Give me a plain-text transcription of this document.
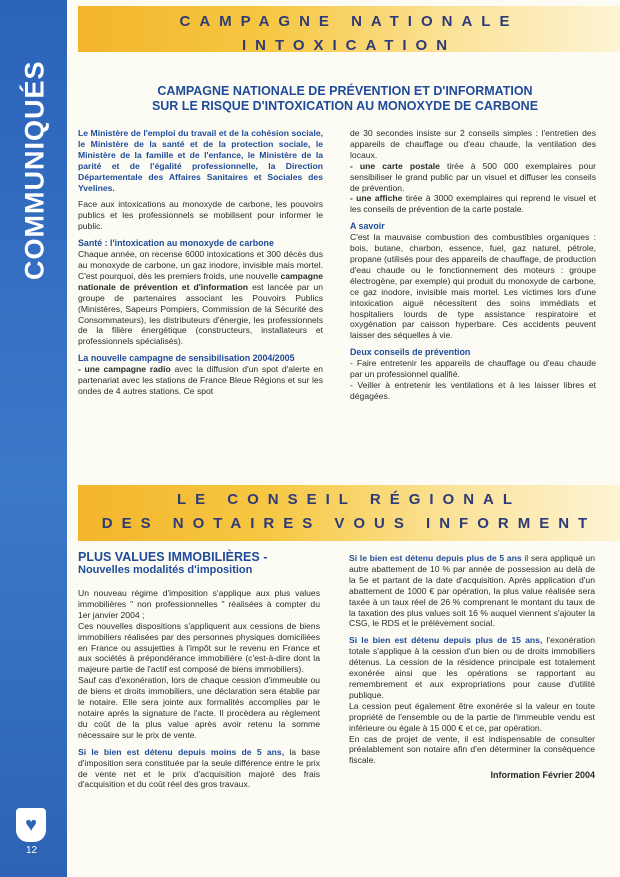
COMMUNIQUÉS
♥
12
CAMPAGNE NATIONALE
INTOXICATION
CAMPAGNE NATIONALE DE PRÉVENTION ET D'INFORMATION
SUR LE RISQUE D'INTOXICATION AU MONOXYDE DE CARBONE

Le Ministère de l'emploi du travail et de la cohésion sociale, le Ministère de la santé et de la protection sociale, le Ministère de la famille et de l'enfance, le Ministère de la parité et de l'égalité professionnelle, la Direction Départementale des Affaires Sanitaires et Sociales des Yvelines.

Face aux intoxications au monoxyde de carbone, les pouvoirs publics et les professionnels se mobilisent pour informer le public.

Santé : l'intoxication au monoxyde de carbone
Chaque année, on recense 6000 intoxications et 300 décès dus au monoxyde de carbone, un gaz inodore, invisible mais mortel. C'est pourquoi, dès les premiers froids, une nouvelle campagne nationale de prévention et d'information est lancée par un groupe de partenaires associant les Pouvoirs Publics (Ministères, Sapeurs Pompiers, Commission de la Sécurité des Consommateurs), les distributeurs d'énergie, les professionnels de la filière énergétique (constructeurs, installateurs et professionnels spécialisés).

La nouvelle campagne de sensibilisation 2004/2005
- une campagne radio avec la diffusion d'un spot d'alerte en partenariat avec les stations de France Bleue Régions et sur les ondes de 4 autres stations. Ce spot

de 30 secondes insiste sur 2 conseils simples : l'entretien des appareils de chauffage ou d'eau chaude, la ventilation des locaux.

- une carte postale tirée à 500 000 exemplaires pour sensibiliser le grand public par un visuel et diffuser les conseils de prévention.

- une affiche tirée à 3000 exemplaires qui reprend le visuel et les conseils de prévention de la carte postale.

A savoir
C'est la mauvaise combustion des combustibles organiques : bois, butane, charbon, essence, fuel, gaz naturel, pétrole, propane (utilisés pour des appareils de chauffage, de production d'eau chaude ou le fonctionnement des moteurs : groupe électrogène, par exemple) qui produit du monoxyde de carbone, ce gaz inodore, invisible mais mortel. Les victimes lors d'une intoxication aiguë nécessitent des soins immédiats et hospitaliers lourds de type assistance respiratoire et oxygénation par caisson hyperbare. Ces accidents peuvent laisser des séquelles à vie.

Deux conseils de prévention
- Faire entretenir les appareils de chauffage ou d'eau chaude par un professionnel qualifié.

- Veiller à entretenir les ventilations et à les laisser libres et dégagées.

LE CONSEIL RÉGIONAL
DES NOTAIRES VOUS INFORMENT
PLUS VALUES IMMOBILIÈRES -
Nouvelles modalités d'imposition

Un nouveau régime d'imposition s'applique aux plus values immobilières " non professionnelles " réalisées à compter du 1er janvier 2004 ;

Ces nouvelles dispositions s'appliquent aux cessions de biens immobiliers réalisées par des personnes physiques domiciliées en France ou assujetties à l'impôt sur le revenu en France et aux sociétés à prépondérance immobilière (c'est-à-dire dont la majeure partie de l'actif est composé de biens immobiliers).

Sauf cas d'exonération, lors de chaque cession d'immeuble ou de biens et droits immobiliers, une déclaration sera établie par le notaire. Elle sera jointe aux formalités accomplies par le notaire après la signature de l'acte. Il procèdera au règlement du coût de la plus value après avoir retenu la somme nécessaire sur le prix de vente.

Si le bien est détenu depuis moins de 5 ans, la base d'imposition sera constituée par la seule différence entre le prix de vente net et le prix d'acquisition majoré des frais d'acquisition et du coût réel des gros travaux.

Si le bien est détenu depuis plus de 5 ans il sera appliqué un autre abattement de 10 % par année de possession au delà de la 5e et partant de la date d'acquisition. Après application d'un abattement de 1000 € par opération, la plus value réalisée sera taxée à un taux réel de 26 % comprenant le montant du taux de la taxation des plus values soit 16 % auquel viennent s'ajouter la CSG, le RDS et le prélèvement social.

Si le bien est détenu depuis plus de 15 ans, l'exonération totale s'applique à la cession d'un bien ou de droits immobiliers détenus. La cession de la résidence principale est totalement exonérée ainsi que les opérations se rapportant au remembrement et aux expropriations pour cause d'utilité publique.

La cession peut également être exonérée si la valeur en toute propriété de l'ensemble ou de la partie de l'immeuble vendu est inférieure ou égale à 15 000 € et ce, par opération.

En cas de projet de vente, il est indispensable de consulter préalablement son notaire afin d'en déterminer la conséquence fiscale.

Information Février 2004
